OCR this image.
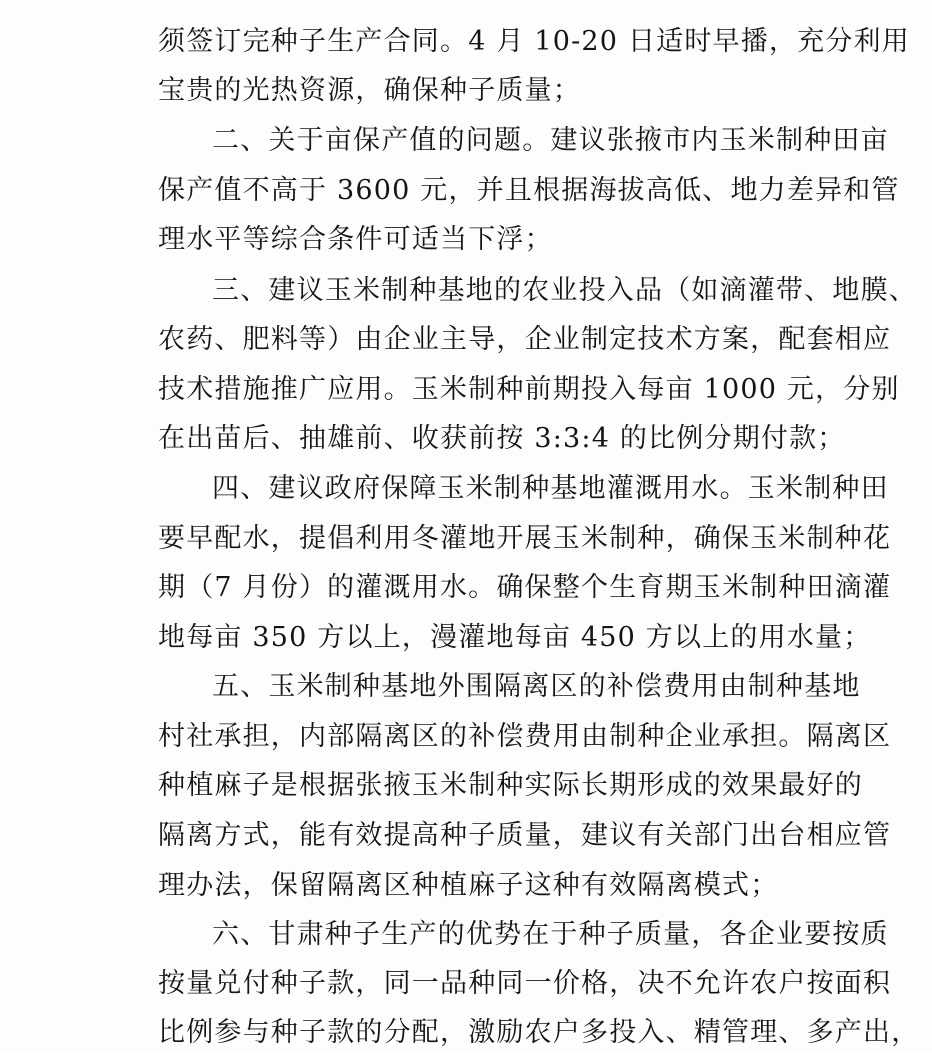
须签订完种子生产合同。4 月 10-20 日适时早播，充分利用
宝贵的光热资源，确保种子质量；
二、关于亩保产值的问题。建议张掖市内玉米制种田亩
保产值不高于 3600 元，并且根据海拔高低、地力差异和管
理水平等综合条件可适当下浮；
三、建议玉米制种基地的农业投入品（如滴灌带、地膜、
农药、肥料等）由企业主导，企业制定技术方案，配套相应
技术措施推广应用。玉米制种前期投入每亩 1000 元，分别
在出苗后、抽雄前、收获前按 3:3:4 的比例分期付款；
四、建议政府保障玉米制种基地灌溉用水。玉米制种田
要早配水，提倡利用冬灌地开展玉米制种，确保玉米制种花
期（7 月份）的灌溉用水。确保整个生育期玉米制种田滴灌
地每亩 350 方以上，漫灌地每亩 450 方以上的用水量；
五、玉米制种基地外围隔离区的补偿费用由制种基地
村社承担，内部隔离区的补偿费用由制种企业承担。隔离区
种植麻子是根据张掖玉米制种实际长期形成的效果最好的
隔离方式，能有效提高种子质量，建议有关部门出台相应管
理办法，保留隔离区种植麻子这种有效隔离模式；
六、甘肃种子生产的优势在于种子质量，各企业要按质
按量兑付种子款，同一品种同一价格，决不允许农户按面积
比例参与种子款的分配，激励农户多投入、精管理、多产出，
